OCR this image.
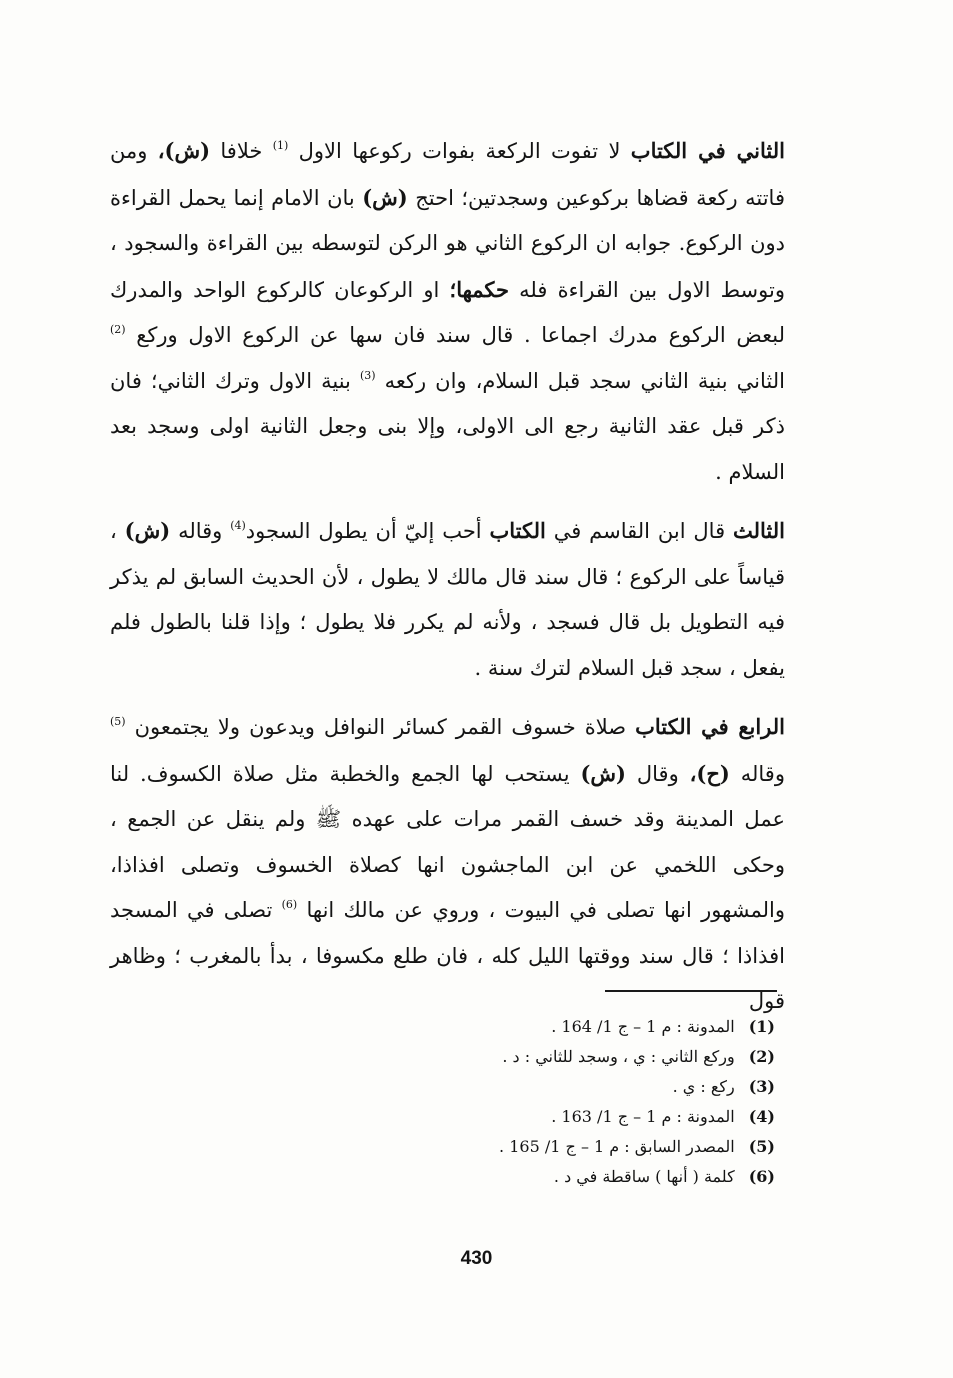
الثاني في الكتاب لا تفوت الركعة بفوات ركوعها الاول $^{(1)}$ خلافا (ش)، ومن فاتته ركعة قضاها بركوعين وسجدتين؛ احتج (ش) بان الامام إنما يحمل القراءة دون الركوع. جوابه ان الركوع الثاني هو الركن لتوسطه بين القراءة والسجود ، وتوسط الاول بين القراءة فله حكمها؛ او الركوعان كالركوع الواحد والمدرك لبعض الركوع مدرك اجماعا . قال سند فان سها عن الركوع الاول وركع $^{(2)}$ الثاني بنية الثاني سجد قبل السلام، وان ركعه $^{(3)}$ بنية الاول وترك الثاني؛ فان ذكر قبل عقد الثانية رجع الى الاولى، وإلا بنى وجعل الثانية اولى وسجد بعد السلام .

الثالث قال ابن القاسم في الكتاب أحب إليّ أن يطول السجود$^{(4)}$ وقاله (ش) ، قياساً على الركوع ؛ قال سند قال مالك لا يطول ، لأن الحديث السابق لم يذكر فيه التطويل بل قال فسجد ، ولأنه لم يكرر فلا يطول ؛ وإذا قلنا بالطول فلم يفعل ، سجد قبل السلام لترك سنة .

الرابع في الكتاب صلاة خسوف القمر كسائر النوافل ويدعون ولا يجتمعون $^{(5)}$ وقاله (ح)، وقال (ش) يستحب لها الجمع والخطبة مثل صلاة الكسوف. لنا عمل المدينة وقد خسف القمر مرات على عهده ﷺ ولم ينقل عن الجمع ، وحكى اللخمي عن ابن الماجشون انها كصلاة الخسوف وتصلى افذاذا، والمشهور انها تصلى في البيوت ، وروي عن مالك انها $^{(6)}$ تصلى في المسجد افذاذا ؛ قال سند ووقتها الليل كله ، فان طلع مكسوفا ، بدأ بالمغرب ؛ وظاهر قول

(1)المدونة : م 1 – ج 1/ 164 .
(2)وركع الثاني : ي ، وسجد للثاني : د .
(3)ركع : ي .
(4)المدونة : م 1 – ج 1/ 163 .
(5)المصدر السابق : م 1 – ج 1/ 165 .
(6)كلمة ( أنها ) ساقطة في د .
430
